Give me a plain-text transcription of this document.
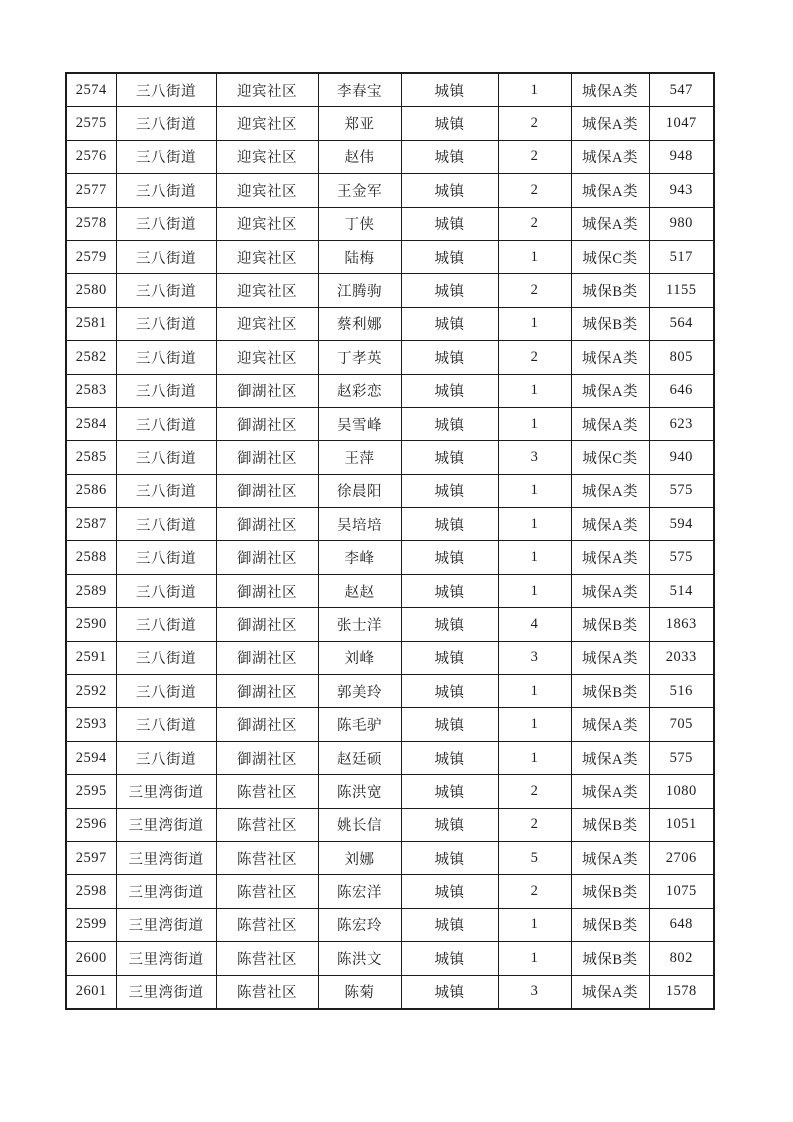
2574	三八街道	迎宾社区	李春宝	城镇	1	城保A类	547
2575	三八街道	迎宾社区	郑亚	城镇	2	城保A类	1047
2576	三八街道	迎宾社区	赵伟	城镇	2	城保A类	948
2577	三八街道	迎宾社区	王金军	城镇	2	城保A类	943
2578	三八街道	迎宾社区	丁侠	城镇	2	城保A类	980
2579	三八街道	迎宾社区	陆梅	城镇	1	城保C类	517
2580	三八街道	迎宾社区	江腾驹	城镇	2	城保B类	1155
2581	三八街道	迎宾社区	蔡利娜	城镇	1	城保B类	564
2582	三八街道	迎宾社区	丁孝英	城镇	2	城保A类	805
2583	三八街道	御湖社区	赵彩恋	城镇	1	城保A类	646
2584	三八街道	御湖社区	吴雪峰	城镇	1	城保A类	623
2585	三八街道	御湖社区	王萍	城镇	3	城保C类	940
2586	三八街道	御湖社区	徐晨阳	城镇	1	城保A类	575
2587	三八街道	御湖社区	吴培培	城镇	1	城保A类	594
2588	三八街道	御湖社区	李峰	城镇	1	城保A类	575
2589	三八街道	御湖社区	赵赵	城镇	1	城保A类	514
2590	三八街道	御湖社区	张士洋	城镇	4	城保B类	1863
2591	三八街道	御湖社区	刘峰	城镇	3	城保A类	2033
2592	三八街道	御湖社区	郭美玲	城镇	1	城保B类	516
2593	三八街道	御湖社区	陈毛驴	城镇	1	城保A类	705
2594	三八街道	御湖社区	赵廷硕	城镇	1	城保A类	575
2595	三里湾街道	陈营社区	陈洪宽	城镇	2	城保A类	1080
2596	三里湾街道	陈营社区	姚长信	城镇	2	城保B类	1051
2597	三里湾街道	陈营社区	刘娜	城镇	5	城保A类	2706
2598	三里湾街道	陈营社区	陈宏洋	城镇	2	城保B类	1075
2599	三里湾街道	陈营社区	陈宏玲	城镇	1	城保B类	648
2600	三里湾街道	陈营社区	陈洪文	城镇	1	城保B类	802
2601	三里湾街道	陈营社区	陈菊	城镇	3	城保A类	1578
